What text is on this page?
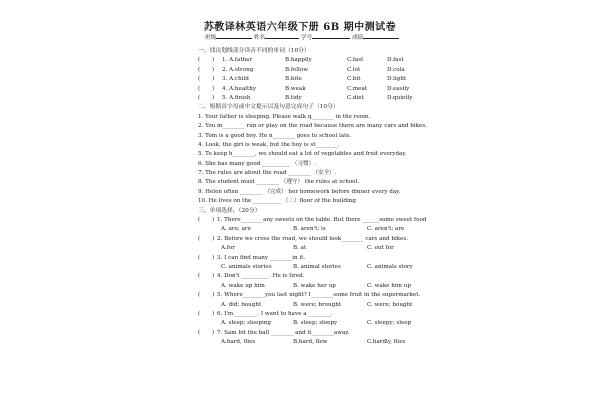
苏教译林英语六年级下册 6B 期中测试卷
班级	姓名	学号	成绩
一、找出划线部分读音不同的单词（10分）
( ) 1. A.father	B.happily	C.fast	D.fast
( ) 2. A.strong	B.fellow	C.lot	D.cola
( ) 3. A.child	B.bite	C.bit	D.light
( ) 4. A.healthy	B.weak	C.meat	D.easily
( ) 5. A.finish	B.tidy	C.diet	D.quietly
二、根据首字母或中文提示以及句意完成句子（10分）
1. Your father is sleeping. Please walk q________ in the room.
2. You m________ run or play on the road because there are many cars and bikes.
3. Tom is a good boy. He n________ goes to school late.
4. Look, the girl is weak, but the boy is st________.
5. To keep h________, we should eat a lot of vegetables and fruit everyday.
6. She has many good __________ （习惯）.
7. The rules are about the road ________ （安全）.
8. The student must ________ （遵守） the rules at school.
9. Helen often ________ （完成） her homework before dinner every day.
10. He lives on the __________ （二）floor of the building
三、单项选择。（20分）
( ) 1. There________any sweets on the table. But there ______some sweet food
A. are; are	B. aren't; is	C. aren't; are
( ) 2. Before we cross the road, we should look________ cars and bikes.
A.for	B. at	C. out for
( ) 3. I can find many ________in it.
C. animals stories	B. animal stories	C. animals story
( ) 4. Don't __________. He is tired.
A. wake up him	B. wake her up	C. wake him up
( ) 5. Where________you last night? I________some fruit in the supermarket.
A. did; bought	B. were; brought	C. were; bought
( ) 6. I'm ________. I want to have a ________.
A. sleep; sleeping	B. sleep; sleepy	C. sleepy; sleep
( ) 7. Sam hit the ball ________ and it________away.
A.hard, flies	B.hard, flew	C.hardly, flies
